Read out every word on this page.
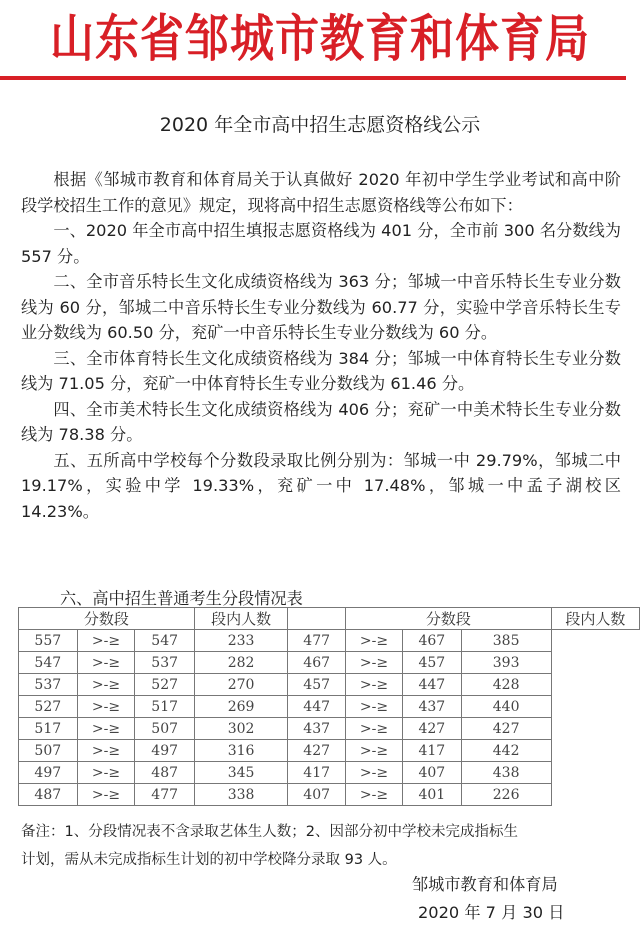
山东省邹城市教育和体育局
2020 年全市高中招生志愿资格线公示

根据《邹城市教育和体育局关于认真做好 2020 年初中学生学业考试和高中阶段学校招生工作的意见》规定，现将高中招生志愿资格线等公布如下：

一、2020 年全市高中招生填报志愿资格线为 401 分，全市前 300 名分数线为 557 分。

二、全市音乐特长生文化成绩资格线为 363 分；邹城一中音乐特长生专业分数线为 60 分，邹城二中音乐特长生专业分数线为 60.77 分，实验中学音乐特长生专业分数线为 60.50 分，兖矿一中音乐特长生专业分数线为 60 分。

三、全市体育特长生文化成绩资格线为 384 分；邹城一中体育特长生专业分数线为 71.05 分，兖矿一中体育特长生专业分数线为 61.46 分。

四、全市美术特长生文化成绩资格线为 406 分；兖矿一中美术特长生专业分数线为 78.38 分。

五、五所高中学校每个分数段录取比例分别为：邹城一中 29.79%，邹城二中 19.17%，实验中学 19.33%，兖矿一中 17.48%，邹城一中孟子湖校区 14.23%。

六、高中招生普通考生分段情况表
分数段			段内人数		分数段			段内人数
557	>-≥	547	233	477	>-≥	467	385	
547	>-≥	537	282	467	>-≥	457	393	
537	>-≥	527	270	457	>-≥	447	428	
527	>-≥	517	269	447	>-≥	437	440	
517	>-≥	507	302	437	>-≥	427	427	
507	>-≥	497	316	427	>-≥	417	442	
497	>-≥	487	345	417	>-≥	407	438	
487	>-≥	477	338	407	>-≥	401	226	

备注：1、分段情况表不含录取艺体生人数；2、因部分初中学校未完成指标生

计划，需从未完成指标生计划的初中学校降分录取 93 人。

邹城市教育和体育局
2020 年 7 月 30 日
